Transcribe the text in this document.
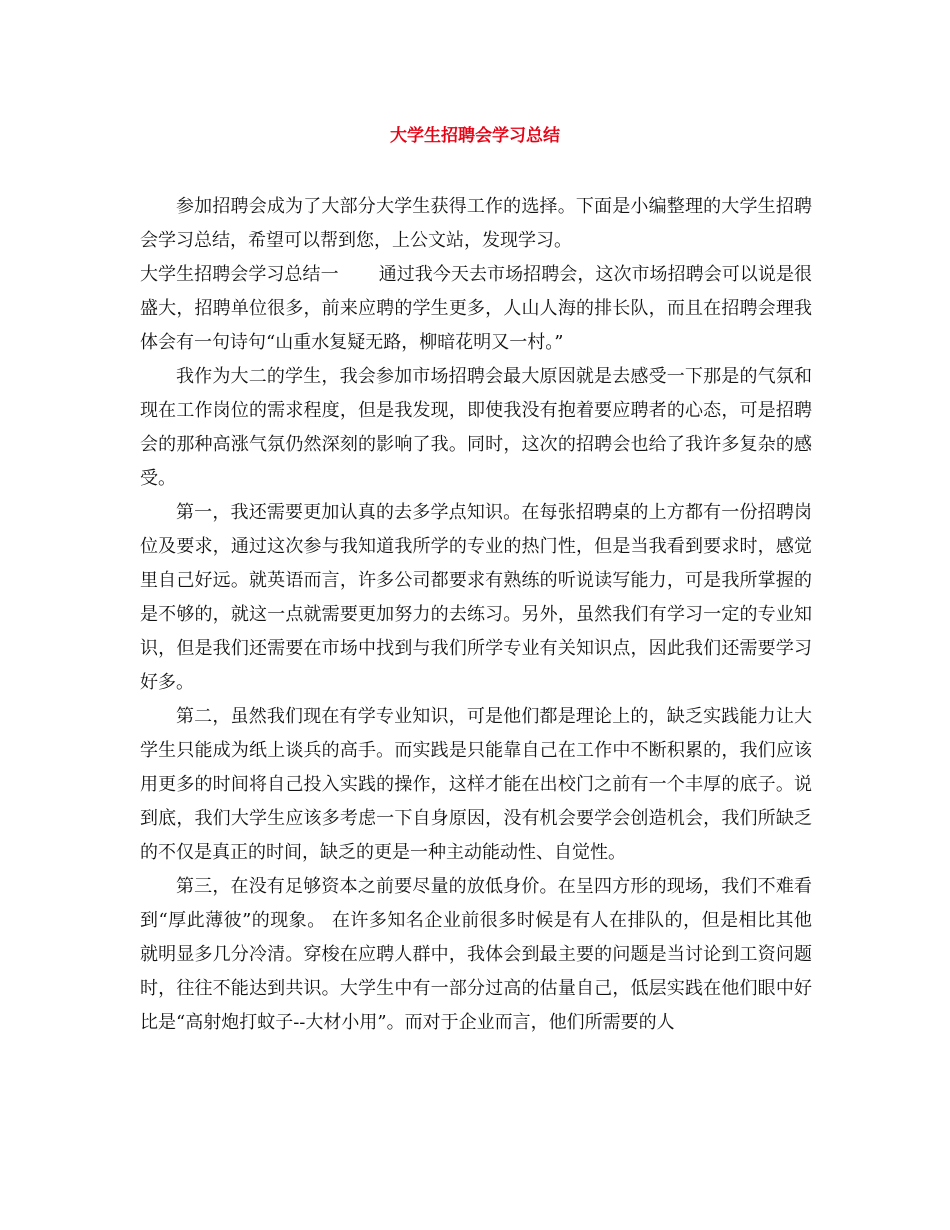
大学生招聘会学习总结

参加招聘会成为了大部分大学生获得工作的选择。下面是小编整理的大学生招聘会学习总结，希望可以帮到您，上公文站，发现学习。

大学生招聘会学习总结一 通过我今天去市场招聘会，这次市场招聘会可以说是很盛大，招聘单位很多，前来应聘的学生更多，人山人海的排长队，而且在招聘会理我体会有一句诗句“山重水复疑无路，柳暗花明又一村。”

我作为大二的学生，我会参加市场招聘会最大原因就是去感受一下那是的气氛和现在工作岗位的需求程度，但是我发现，即使我没有抱着要应聘者的心态，可是招聘会的那种高涨气氛仍然深刻的影响了我。同时，这次的招聘会也给了我许多复杂的感受。

第一，我还需要更加认真的去多学点知识。在每张招聘桌的上方都有一份招聘岗位及要求，通过这次参与我知道我所学的专业的热门性，但是当我看到要求时，感觉里自己好远。就英语而言，许多公司都要求有熟练的听说读写能力，可是我所掌握的是不够的，就这一点就需要更加努力的去练习。另外，虽然我们有学习一定的专业知识，但是我们还需要在市场中找到与我们所学专业有关知识点，因此我们还需要学习好多。

第二，虽然我们现在有学专业知识，可是他们都是理论上的，缺乏实践能力让大学生只能成为纸上谈兵的高手。而实践是只能靠自己在工作中不断积累的，我们应该用更多的时间将自己投入实践的操作，这样才能在出校门之前有一个丰厚的底子。说到底，我们大学生应该多考虑一下自身原因，没有机会要学会创造机会，我们所缺乏的不仅是真正的时间，缺乏的更是一种主动能动性、自觉性。

第三，在没有足够资本之前要尽量的放低身价。在呈四方形的现场，我们不难看到“厚此薄彼”的现象。 在许多知名企业前很多时候是有人在排队的，但是相比其他就明显多几分冷清。穿梭在应聘人群中，我体会到最主要的问题是当讨论到工资问题时，往往不能达到共识。大学生中有一部分过高的估量自己，低层实践在他们眼中好比是“高射炮打蚊子--大材小用”。而对于企业而言，他们所需要的人
